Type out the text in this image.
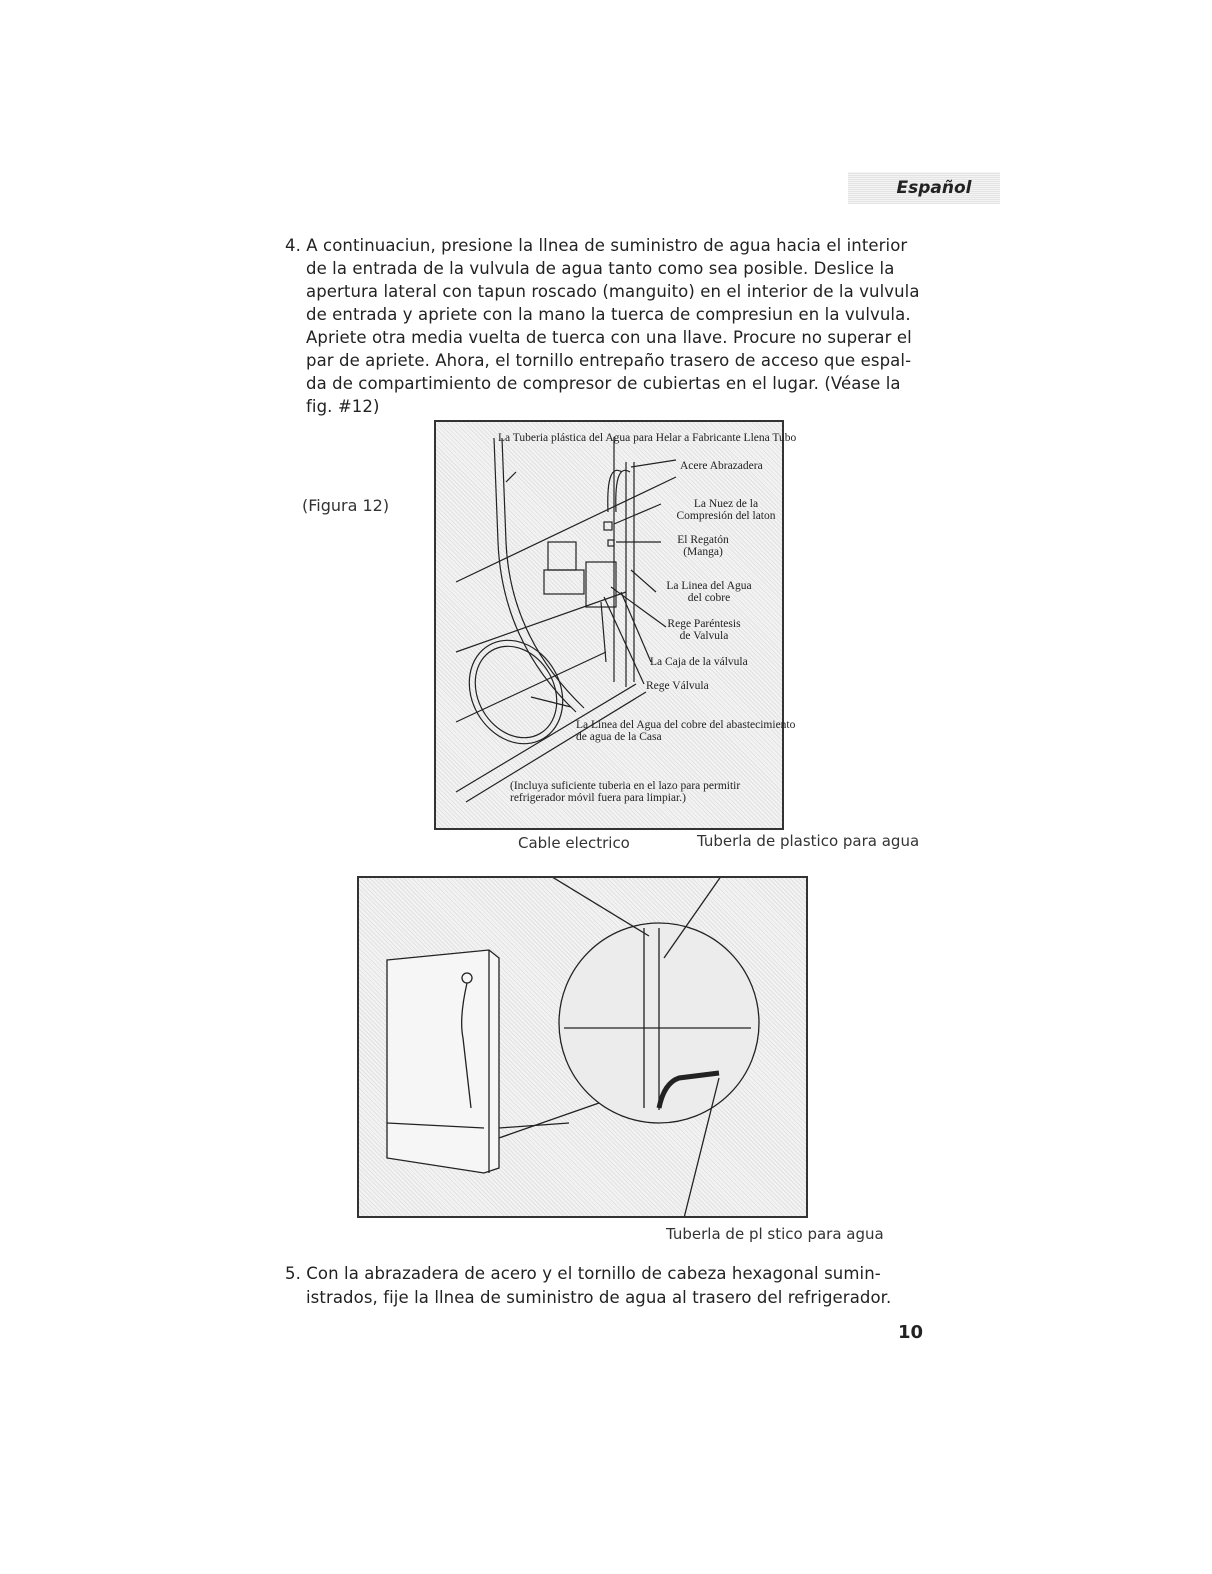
Español
4. A continuaciun, presione la llnea de suministro de agua hacia el interior
de la entrada de la vulvula de agua tanto como sea posible. Deslice la
apertura lateral con tapun roscado (manguito) en el interior de la vulvula
de entrada y apriete con la mano la tuerca de compresiun en la vulvula.
Apriete otra media vuelta de tuerca con una llave. Procure no superar el
par de apriete. Ahora, el tornillo entrepaño trasero de acceso que espal-
da de compartimiento de compresor de cubiertas en el lugar. (Véase la
fig. #12)
(Figura 12)
La Tuberia plástica del Agua para Helar a Fabricante Llena Tubo
Acere Abrazadera
La Nuez de la Compresión del laton
El Regatón (Manga)
La Linea del Agua del cobre
Rege Paréntesis de Valvula
La Caja de la válvula
Rege Válvula
La Linea del Agua del cobre del abastecimiento de agua de la Casa
(Incluya suficiente tuberia en el lazo para permitir refrigerador móvil fuera para limpiar.)
Cable electrico	Tuberla de plastico para agua
Tuberla de pl stico para agua
5. Con la abrazadera de acero y el tornillo de cabeza hexagonal sumin-
istrados, fije la llnea de suministro de agua al trasero del refrigerador.
10
